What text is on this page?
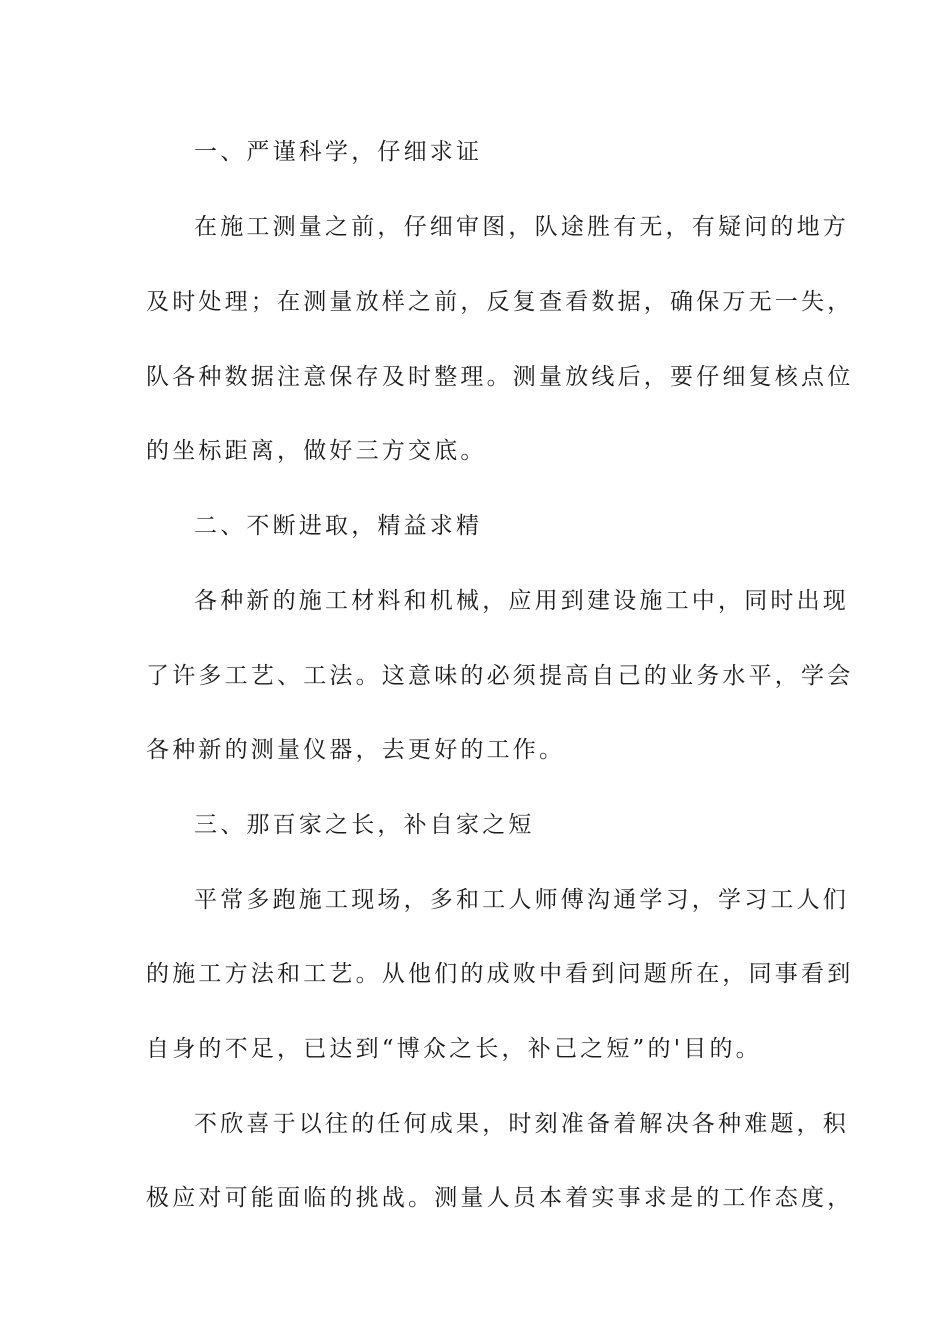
一、严谨科学，仔细求证
在施工测量之前，仔细审图，队途胜有无，有疑问的地方
及时处理；在测量放样之前，反复查看数据，确保万无一失，
队各种数据注意保存及时整理。测量放线后，要仔细复核点位
的坐标距离，做好三方交底。
二、不断进取，精益求精
各种新的施工材料和机械，应用到建设施工中，同时出现
了许多工艺、工法。这意味的必须提高自己的业务水平，学会
各种新的测量仪器，去更好的工作。
三、那百家之长，补自家之短
平常多跑施工现场，多和工人师傅沟通学习，学习工人们
的施工方法和工艺。从他们的成败中看到问题所在，同事看到
自身的不足，已达到“博众之长，补己之短”的'目的。
不欣喜于以往的任何成果，时刻准备着解决各种难题，积
极应对可能面临的挑战。测量人员本着实事求是的工作态度，
